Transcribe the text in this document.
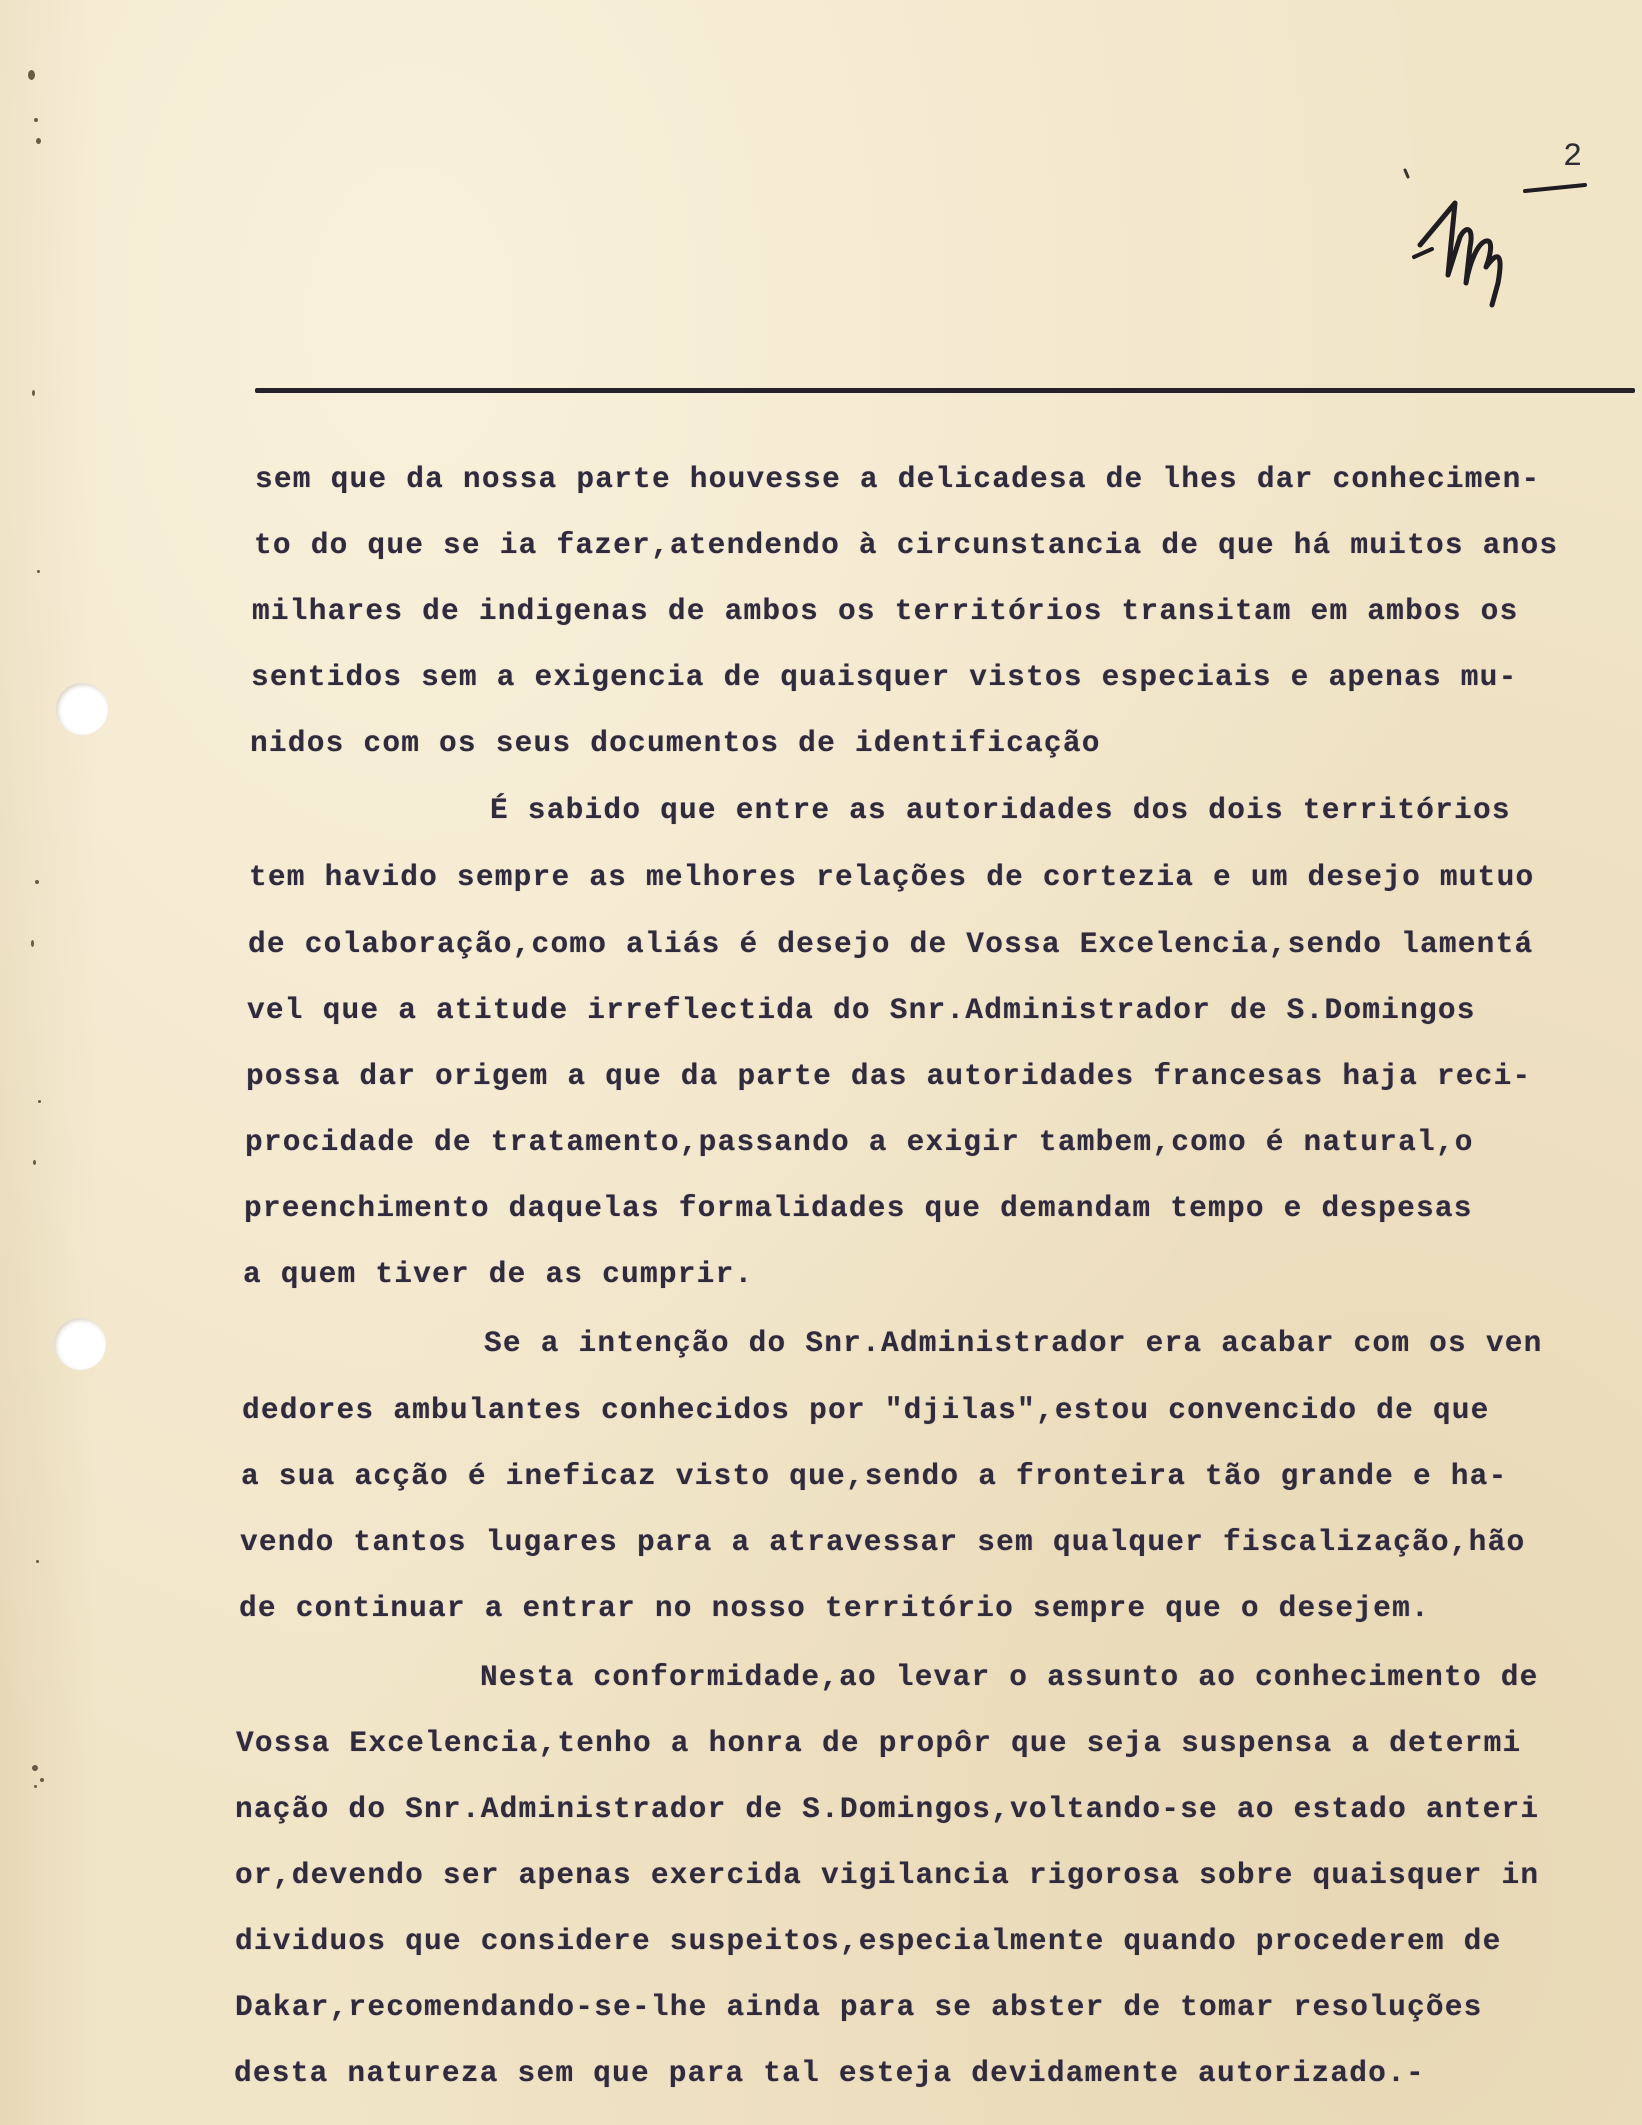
2
sem que da nossa parte houvesse a delicadesa de lhes dar conhecimen-
to do que se ia fazer,atendendo à circunstancia de que há muitos anos
milhares de indigenas de ambos os territórios transitam em ambos os
sentidos sem a exigencia de quaisquer vistos especiais e apenas mu-
nidos com os seus documentos de identificação
É sabido que entre as autoridades dos dois territórios
tem havido sempre as melhores relações de cortezia e um desejo mutuo
de colaboração,como aliás é desejo de Vossa Excelencia,sendo lamentá
vel que a atitude irreflectida do Snr.Administrador de S.Domingos
possa dar origem a que da parte das autoridades francesas haja reci-
procidade de tratamento,passando a exigir tambem,como é natural,o
preenchimento daquelas formalidades que demandam tempo e despesas
a quem tiver de as cumprir.
Se a intenção do Snr.Administrador era acabar com os ven
dedores ambulantes conhecidos por "djilas",estou convencido de que
a sua acção é ineficaz visto que,sendo a fronteira tão grande e ha-
vendo tantos lugares para a atravessar sem qualquer fiscalização,hão
de continuar a entrar no nosso território sempre que o desejem.
Nesta conformidade,ao levar o assunto ao conhecimento de
Vossa Excelencia,tenho a honra de propôr que seja suspensa a determi
nação do Snr.Administrador de S.Domingos,voltando-se ao estado anteri
or,devendo ser apenas exercida vigilancia rigorosa sobre quaisquer in
dividuos que considere suspeitos,especialmente quando procederem de
Dakar,recomendando-se-lhe ainda para se abster de tomar resoluções
desta natureza sem que para tal esteja devidamente autorizado.-
